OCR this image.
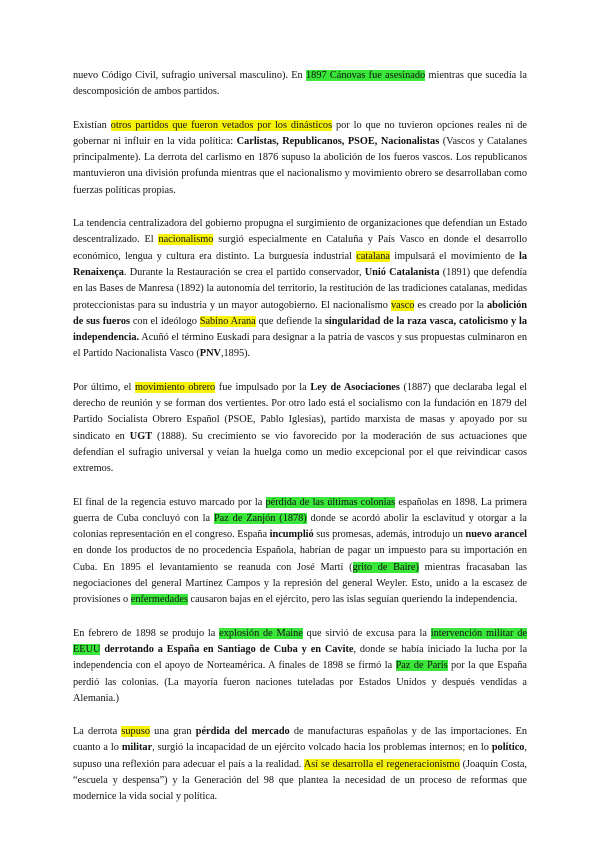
nuevo Código Civil, sufragio universal masculino). En 1897 Cánovas fue asesinado mientras que sucedía la descomposición de ambos partidos.

Existían otros partidos que fueron vetados por los dinásticos por lo que no tuvieron opciones reales ni de gobernar ni influir en la vida política: Carlistas, Republicanos, PSOE, Nacionalistas (Vascos y Catalanes principalmente). La derrota del carlismo en 1876 supuso la abolición de los fueros vascos. Los republicanos mantuvieron una división profunda mientras que el nacionalismo y movimiento obrero se desarrollaban como fuerzas políticas propias.

La tendencia centralizadora del gobierno propugna el surgimiento de organizaciones que defendían un Estado descentralizado. El nacionalismo surgió especialmente en Cataluña y País Vasco en donde el desarrollo económico, lengua y cultura era distinto. La burguesía industrial catalana impulsará el movimiento de la Renaixença. Durante la Restauración se crea el partido conservador, Unió Catalanista (1891) que defendía en las Bases de Manresa (1892) la autonomía del territorio, la restitución de las tradiciones catalanas, medidas proteccionistas para su industria y un mayor autogobierno. El nacionalismo vasco es creado por la abolición de sus fueros con el ideólogo Sabino Arana que defiende la singularidad de la raza vasca, catolicismo y la independencia. Acuñó el término Euskadi para designar a la patria de vascos y sus propuestas culminaron en el Partido Nacionalista Vasco (PNV,1895).

Por último, el movimiento obrero fue impulsado por la Ley de Asociaciones (1887) que declaraba legal el derecho de reunión y se forman dos vertientes. Por otro lado está el socialismo con la fundación en 1879 del Partido Socialista Obrero Español (PSOE, Pablo Iglesias), partido marxista de masas y apoyado por su sindicato en UGT (1888). Su crecimiento se vio favorecido por la moderación de sus actuaciones que defendían el sufragio universal y veían la huelga como un medio excepcional por el que reivindicar casos extremos.

El final de la regencia estuvo marcado por la pérdida de las últimas colonias españolas en 1898. La primera guerra de Cuba concluyó con la Paz de Zanjón (1878) donde se acordó abolir la esclavitud y otorgar a la colonias representación en el congreso. España incumplió sus promesas, además, introdujo un nuevo arancel en donde los productos de no procedencia Española, habrían de pagar un impuesto para su importación en Cuba. En 1895 el levantamiento se reanuda con José Martí (grito de Baire) mientras fracasaban las negociaciones del general Martínez Campos y la represión del general Weyler. Esto, unido a la escasez de provisiones o enfermedades causaron bajas en el ejército, pero las islas seguían queriendo la independencia.

En febrero de 1898 se produjo la explosión de Maine que sirvió de excusa para la intervención militar de EEUU derrotando a España en Santiago de Cuba y en Cavite, donde se había iniciado la lucha por la independencia con el apoyo de Norteamérica. A finales de 1898 se firmó la Paz de París por la que España perdió las colonias. (La mayoría fueron naciones tuteladas por Estados Unidos y después vendidas a Alemania.)

La derrota supuso una gran pérdida del mercado de manufacturas españolas y de las importaciones. En cuanto a lo militar, surgió la incapacidad de un ejército volcado hacia los problemas internos; en lo político, supuso una reflexión para adecuar el país a la realidad. Así se desarrolla el regeneracionismo (Joaquín Costa, “escuela y despensa”) y la Generación del 98 que plantea la necesidad de un proceso de reformas que modernice la vida social y política.
